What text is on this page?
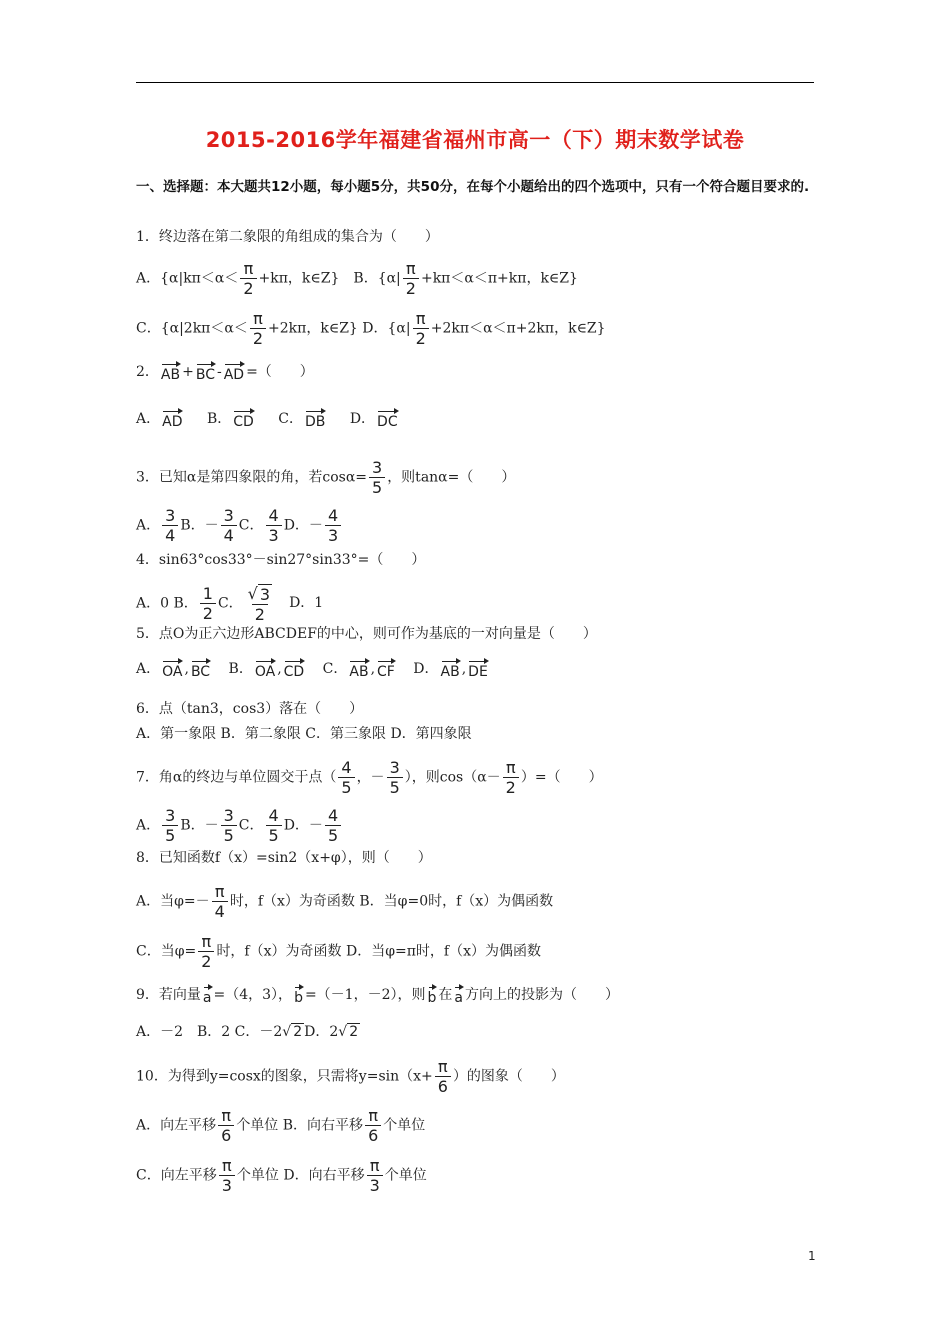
2015-2016学年福建省福州市高一（下）期末数学试卷
一、选择题：本大题共12小题，每小题5分，共50分，在每个小题给出的四个选项中，只有一个符合题目要求的.
1．终边落在第二象限的角组成的集合为（　　）
A．{$\alpha|k\pi<\alpha< \frac{\pi}{2} +k\pi$，k∈Z}　B．{$\alpha| \frac{\pi}{2} +k\pi<\alpha<\pi+k\pi$，k∈Z}
C．{$\alpha|2k\pi<\alpha< \frac{\pi}{2} +2k\pi$，k∈Z} D．{$\alpha| \frac{\pi}{2} +2k\pi<\alpha<\pi+2k\pi$，k∈Z}
2． AB + BC - AD =（　　）
A． AD B． CD C． DB D． DC
3．已知α是第四象限的角，若$\cos\alpha= \frac{3}{5}$ ，则tanα=（　　）
A． $\frac{3}{4}$ B．－ $\frac{3}{4}$ C． $\frac{4}{3}$ D．－ $\frac{4}{3}$
4．sin63°cos33°－sin27°sin33°=（　　）
A．0 B． $\frac{1}{2}$ C． $\frac{√ 3}{2}$ D．1
5．点O为正六边形ABCDEF的中心，则可作为基底的一对向量是（　　）
A． OA , BC B． OA , CD C． AB , CF D． AB , DE
6．点（tan3，cos3）落在（　　）
A．第一象限 B．第二象限 C．第三象限 D．第四象限
7．角α的终边与单位圆交于点（ $\frac{4}{5}$ ，－ $\frac{3}{5}$ ），则$\cos(\alpha- \frac{\pi}{2}$ ）=（　　）
A． $\frac{3}{5}$ B．－ $\frac{3}{5}$ C． $\frac{4}{5}$ D．－ $\frac{4}{5}$
8．已知函数f（x）=sin2（x+φ），则（　　）
A．当$\varphi=- \frac{\pi}{4}$ 时，f（x）为奇函数 B．当φ=0时，f（x）为偶函数
C．当$\varphi= \frac{\pi}{2}$ 时，f（x）为奇函数 D．当φ=π时，f（x）为偶函数
9．若向量 a =（4，3）， b =（－1，－2），则 b 在 a 方向上的投影为（　　）
A．－2　B．2 C．－2√ 2 D．2√ 2
10．为得到y=cosx的图象，只需将$y=\sin(x+ \frac{\pi}{6}$ ）的图象（　　）
A．向左平移 $\frac{\pi}{6}$ 个单位 B．向右平移 $\frac{\pi}{6}$ 个单位
C．向左平移 $\frac{\pi}{3}$ 个单位 D．向右平移 $\frac{\pi}{3}$ 个单位
1
